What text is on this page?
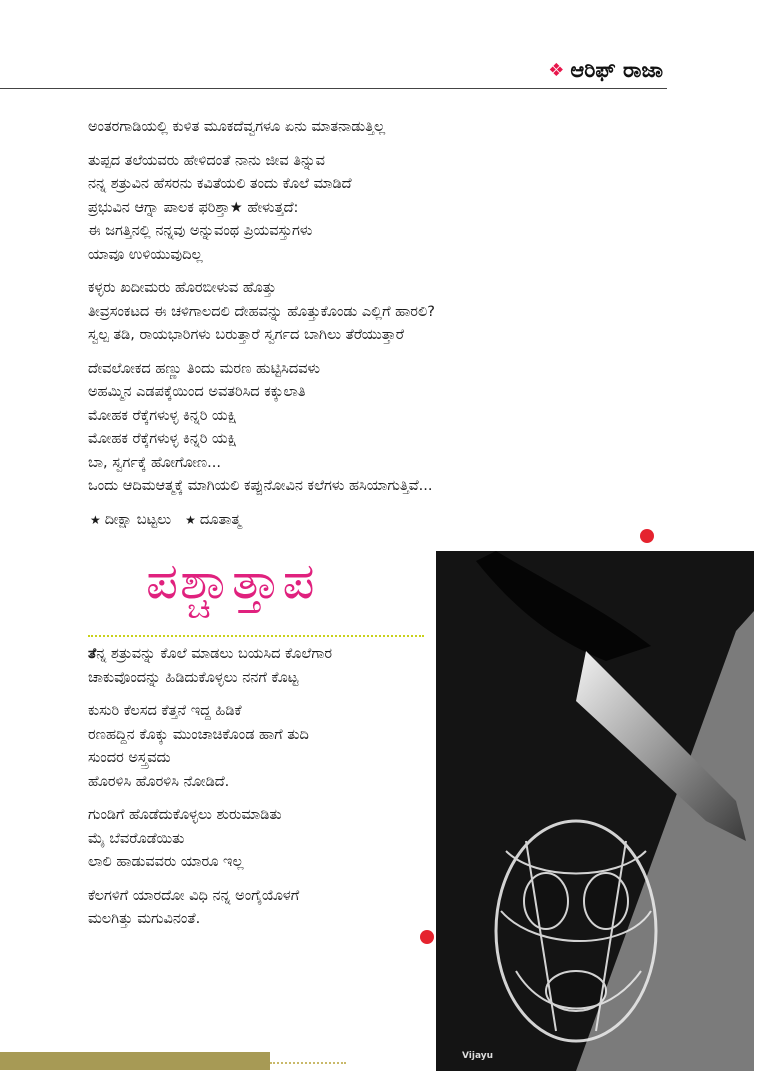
❖ ಆರಿಫ್ ರಾಜಾ
ಅಂತರಗಾಡಿಯಲ್ಲಿ ಕುಳಿತ ಮೂಕದೆವ್ವಗಳೂ ಏನು ಮಾತನಾಡುತ್ತಿಲ್ಲ
ತುಪ್ಪದ ತಲೆಯವರು ಹೇಳಿದಂತೆ ನಾನು ಜೀವ ತಿನ್ನುವ
ನನ್ನ ಶತ್ರುವಿನ ಹೆಸರನು ಕವಿತೆಯಲಿ ತಂದು ಕೊಲೆ ಮಾಡಿದೆ
ಪ್ರಭುವಿನ ಆಗ್ನಾ ಪಾಲಕ ಫರಿಶ್ತಾ★ ಹೇಳುತ್ತದೆ:
ಈ ಜಗತ್ತಿನಲ್ಲಿ ನನ್ನವು ಅನ್ನುವಂಥ ಪ್ರಿಯವಸ್ತುಗಳು
ಯಾವೂ ಉಳಿಯುವುದಿಲ್ಲ
ಕಳ್ಳರು ಖದೀಮರು ಹೊರಬೀಳುವ ಹೊತ್ತು
ತೀವ್ರಸಂಕಟದ ಈ ಚಳಿಗಾಲದಲಿ ದೇಹವನ್ನು ಹೊತ್ತುಕೊಂಡು ಎಲ್ಲಿಗೆ ಹಾರಲಿ?
ಸ್ವಲ್ಪ ತಡಿ, ರಾಯಭಾರಿಗಳು ಬರುತ್ತಾರೆ ಸ್ವರ್ಗದ ಬಾಗಿಲು ತೆರೆಯುತ್ತಾರೆ
ದೇವಲೋಕದ ಹಣ್ಣು ತಿಂದು ಮರಣ ಹುಟ್ಟಿಸಿದವಳು
ಅಹಮ್ಮಿನ ಎಡಪಕ್ಕೆಯಿಂದ ಅವತರಿಸಿದ ಕಕ್ಕುಲಾತಿ
ಮೋಹಕ ರೆಕ್ಕೆಗಳುಳ್ಳ ಕಿನ್ನರಿ ಯಕ್ಷಿ
ಮೋಹಕ ರೆಕ್ಕೆಗಳುಳ್ಳ ಕಿನ್ನರಿ ಯಕ್ಷಿ
ಬಾ, ಸ್ವರ್ಗಕ್ಕೆ ಹೋಗೋಣ...
ಒಂದು ಆದಿಮಆತ್ಮಕ್ಕೆ ಮಾಗಿಯಲಿ ಕಪ್ಪುನೋವಿನ ಕಲೆಗಳು ಹಸಿಯಾಗುತ್ತಿವೆ...
★ ದೀಕ್ಷಾ ಬಟ್ಟಲು ★ ದೂತಾತ್ಮ
ಪಶ್ಚಾತ್ತಾಪ
ತೆನ್ನ ಶತ್ರುವನ್ನು ಕೊಲೆ ಮಾಡಲು ಬಯಸಿದ ಕೊಲೆಗಾರ
ಚಾಕುವೊಂದನ್ನು ಹಿಡಿದುಕೊಳ್ಳಲು ನನಗೆ ಕೊಟ್ಟ
ಕುಸುರಿ ಕೆಲಸದ ಕೆತ್ತನೆ ಇದ್ದ ಹಿಡಿಕೆ
ರಣಹದ್ದಿನ ಕೊಕ್ಕು ಮುಂಚಾಚಿಕೊಂಡ ಹಾಗೆ ತುದಿ
ಸುಂದರ ಅಸ್ತ್ರವದು
ಹೊರಳಿಸಿ ಹೊರಳಿಸಿ ನೋಡಿದೆ.
ಗುಂಡಿಗೆ ಹೊಡೆದುಕೊಳ್ಳಲು ಶುರುಮಾಡಿತು
ಮೈ ಬೆವರೊಡೆಯಿತು
ಲಾಲಿ ಹಾಡುವವರು ಯಾರೂ ಇಲ್ಲ
ಕೆಲಗಳಿಗೆ ಯಾರದೋ ವಿಧಿ ನನ್ನ ಅಂಗೈಯೊಳಗೆ
ಮಲಗಿತ್ತು ಮಗುವಿನಂತೆ.
Vijayu
